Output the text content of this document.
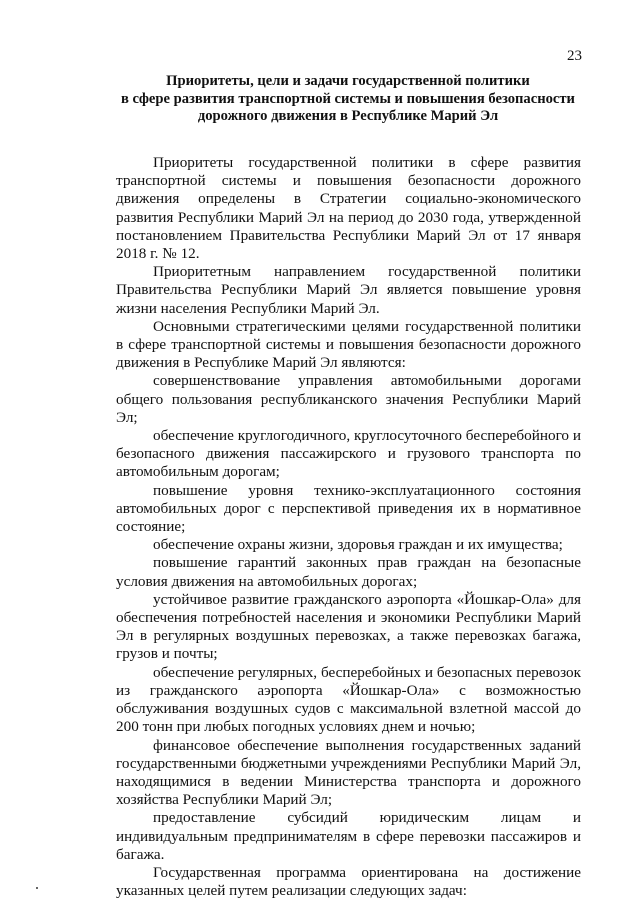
23
Приоритеты, цели и задачи государственной политики
в сфере развития транспортной системы и повышения безопасности
дорожного движения в Республике Марий Эл

Приоритеты государственной политики в сфере развития транспортной системы и повышения безопасности дорожного движения определены в Стратегии социально-экономического развития Республики Марий Эл на период до 2030 года, утвержденной постановлением Правительства Республики Марий Эл от 17 января 2018 г. № 12.

Приоритетным направлением государственной политики Правительства Республики Марий Эл является повышение уровня жизни населения Республики Марий Эл.

Основными стратегическими целями государственной политики в сфере транспортной системы и повышения безопасности дорожного движения в Республике Марий Эл являются:

совершенствование управления автомобильными дорогами общего пользования республиканского значения Республики Марий Эл;

обеспечение круглогодичного, круглосуточного бесперебойного и безопасного движения пассажирского и грузового транспорта по автомобильным дорогам;

повышение уровня технико-эксплуатационного состояния автомобильных дорог с перспективой приведения их в нормативное состояние;

обеспечение охраны жизни, здоровья граждан и их имущества;

повышение гарантий законных прав граждан на безопасные условия движения на автомобильных дорогах;

устойчивое развитие гражданского аэропорта «Йошкар-Ола» для обеспечения потребностей населения и экономики Республики Марий Эл в регулярных воздушных перевозках, а также перевозках багажа, грузов и почты;

обеспечение регулярных, бесперебойных и безопасных перевозок из гражданского аэропорта «Йошкар-Ола» с возможностью обслуживания воздушных судов с максимальной взлетной массой до 200 тонн при любых погодных условиях днем и ночью;

финансовое обеспечение выполнения государственных заданий государственными бюджетными учреждениями Республики Марий Эл, находящимися в ведении Министерства транспорта и дорожного хозяйства Республики Марий Эл;

предоставление субсидий юридическим лицам и индивидуальным предпринимателям в сфере перевозки пассажиров и багажа.

Государственная программа ориентирована на достижение указанных целей путем реализации следующих задач:
